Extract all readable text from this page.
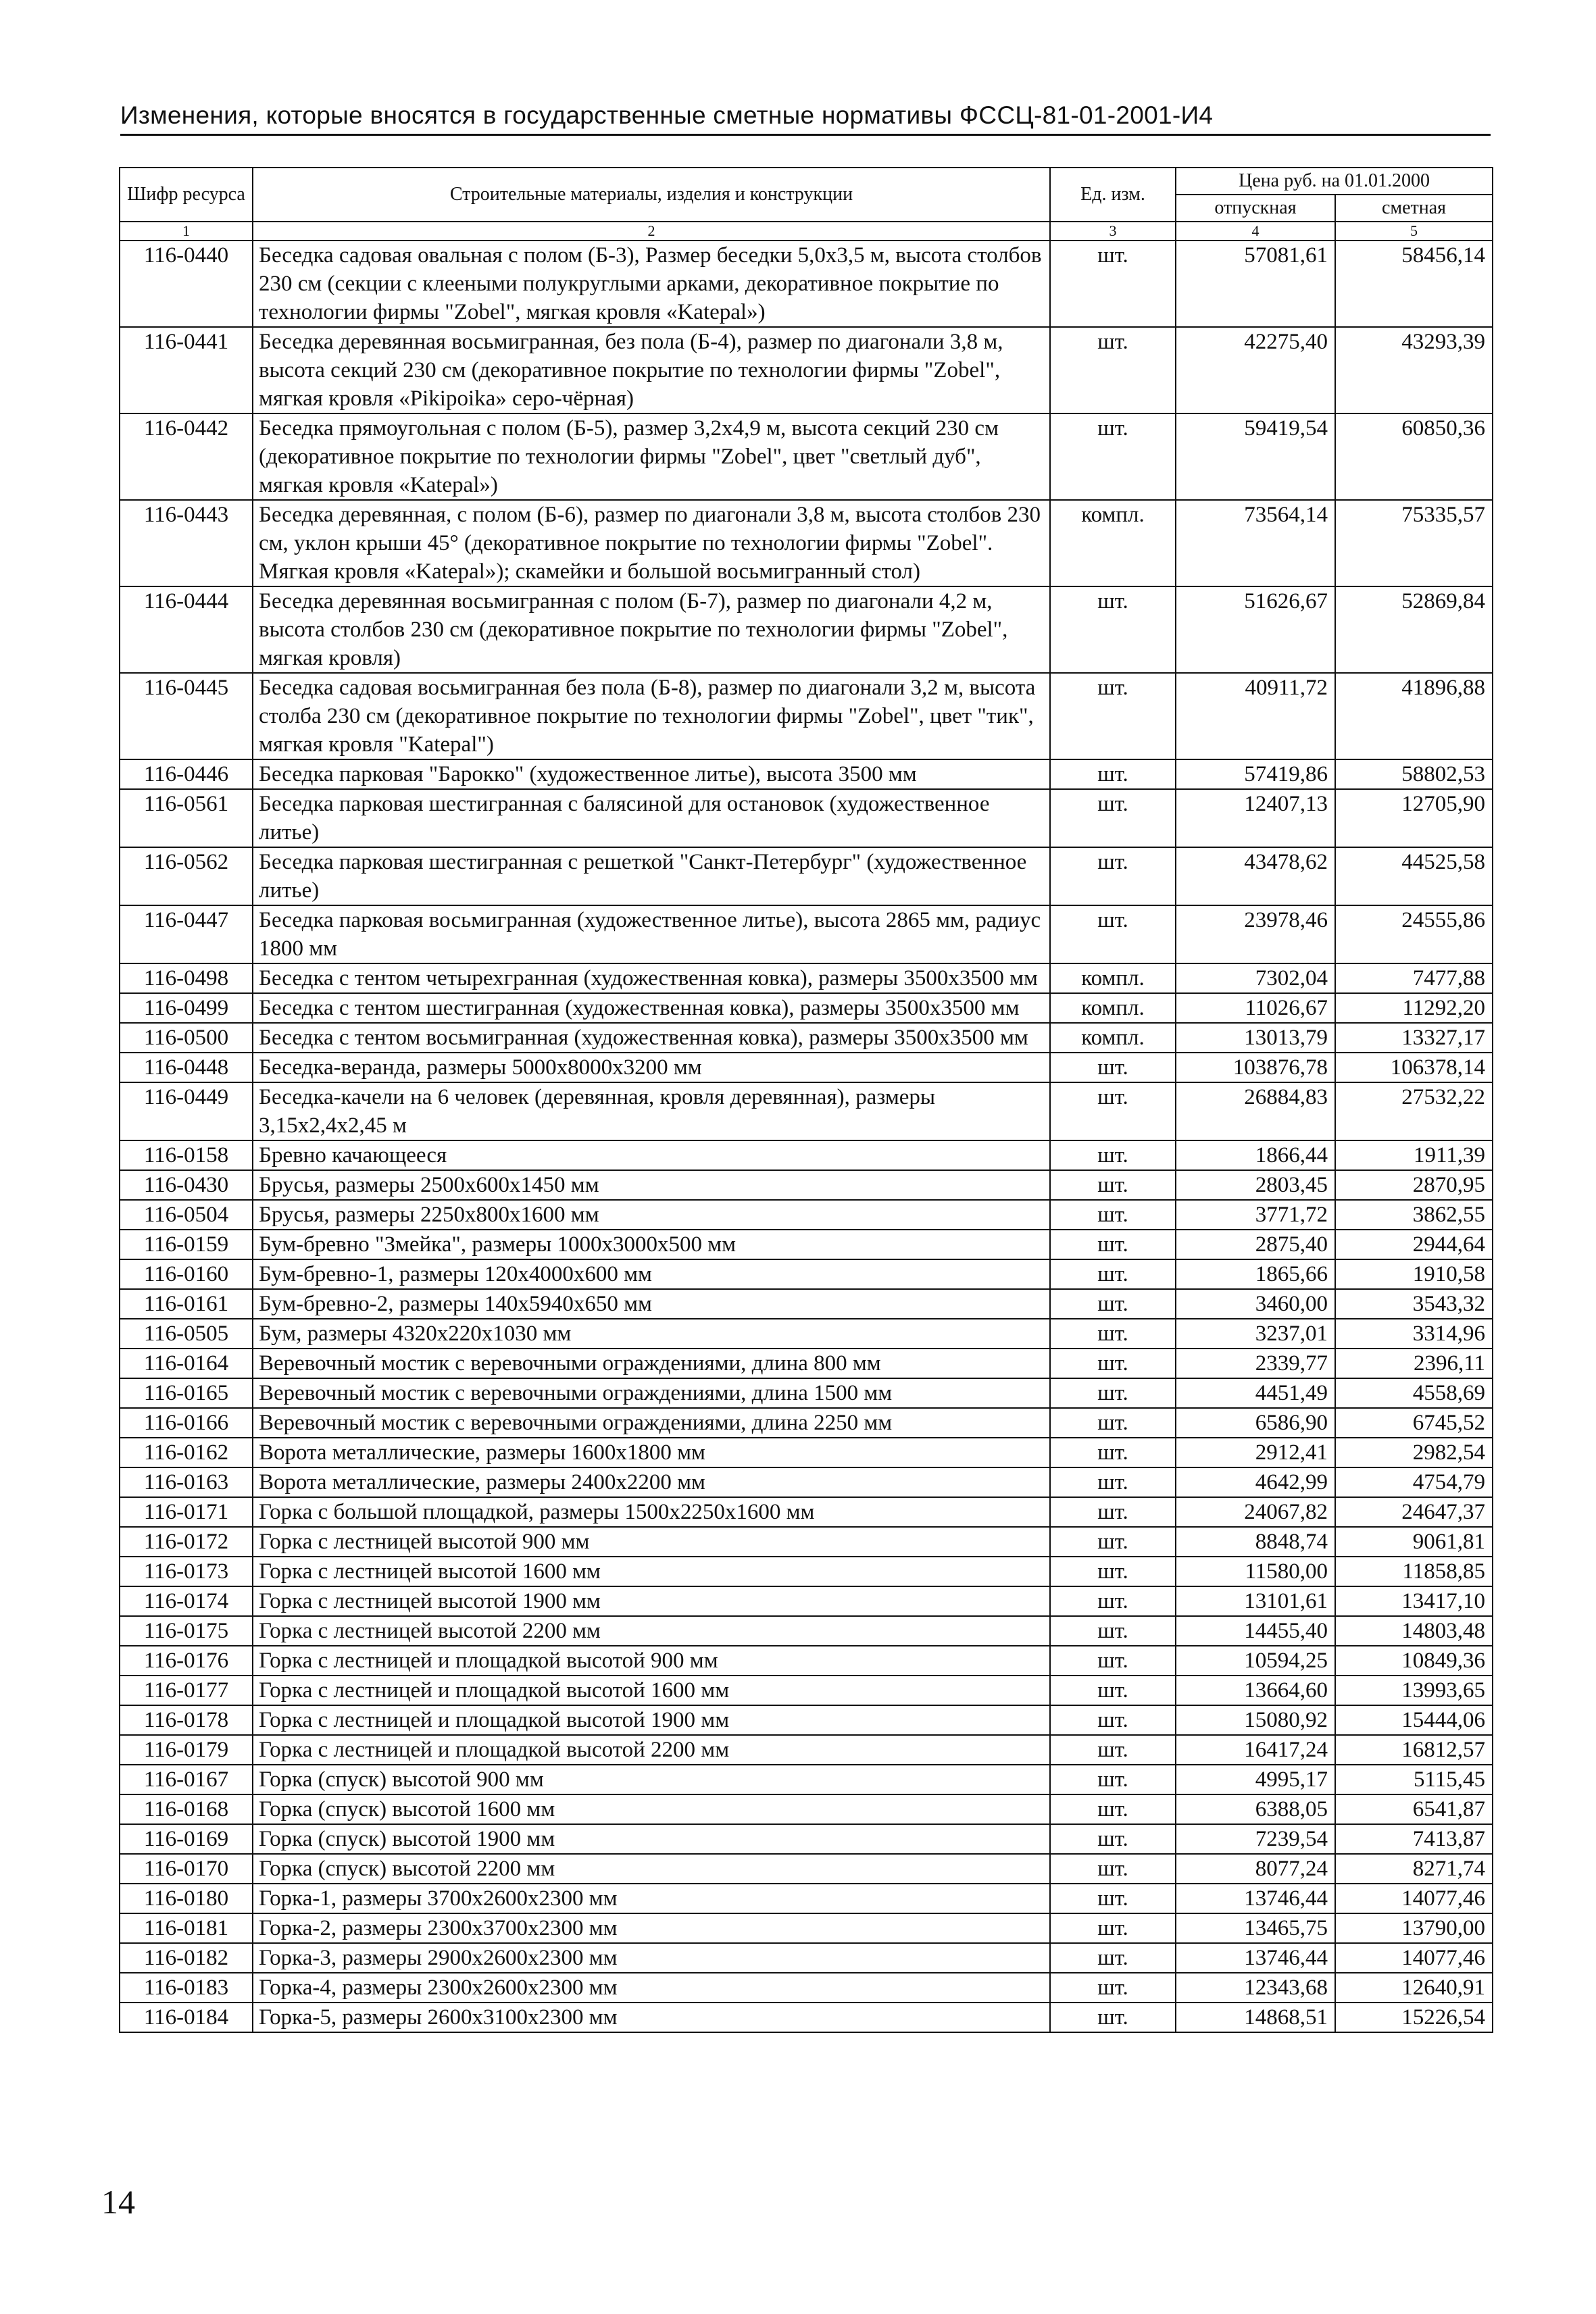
Изменения, которые вносятся в государственные сметные нормативы ФССЦ-81-01-2001-И4
Шифр ресурса	Строительные материалы, изделия и конструкции	Ед. изм.	Цена руб. на 01.01.2000	
			отпускная	сметная
1	2	3	4	5
116-0440	Беседка садовая овальная с полом (Б-3), Размер беседки 5,0х3,5 м, высота столбов 230 см (секции с клееными полукруглыми арками, декоративное покрытие по технологии фирмы "Zobel", мягкая кровля «Katepal»)	шт.	57081,61	58456,14
116-0441	Беседка деревянная восьмигранная, без пола (Б-4), размер по диагонали 3,8 м, высота секций 230 см (декоративное покрытие по технологии фирмы "Zobel", мягкая кровля «Pikipoika» серо-чёрная)	шт.	42275,40	43293,39
116-0442	Беседка прямоугольная с полом (Б-5), размер 3,2х4,9 м, высота секций 230 см (декоративное покрытие по технологии фирмы "Zobel", цвет "светлый дуб", мягкая кровля «Katepal»)	шт.	59419,54	60850,36
116-0443	Беседка деревянная, с полом (Б-6), размер по диагонали 3,8 м, высота столбов 230 см, уклон крыши 45° (декоративное покрытие по технологии фирмы "Zobel". Мягкая кровля «Katepal»); скамейки и большой восьмигранный стол)	компл.	73564,14	75335,57
116-0444	Беседка деревянная восьмигранная с полом (Б-7), размер по диагонали 4,2 м, высота столбов 230 см (декоративное покрытие по технологии фирмы "Zobel", мягкая кровля)	шт.	51626,67	52869,84
116-0445	Беседка садовая восьмигранная без пола (Б-8), размер по диагонали 3,2 м, высота столба 230 см (декоративное покрытие по технологии фирмы "Zobel", цвет "тик", мягкая кровля "Katepal")	шт.	40911,72	41896,88
116-0446	Беседка парковая "Барокко" (художественное литье), высота 3500 мм	шт.	57419,86	58802,53
116-0561	Беседка парковая шестигранная с балясиной для остановок (художественное литье)	шт.	12407,13	12705,90
116-0562	Беседка парковая шестигранная с решеткой "Санкт-Петербург" (художественное литье)	шт.	43478,62	44525,58
116-0447	Беседка парковая восьмигранная (художественное литье), высота 2865 мм, радиус 1800 мм	шт.	23978,46	24555,86
116-0498	Беседка с тентом четырехгранная (художественная ковка), размеры 3500х3500 мм	компл.	7302,04	7477,88
116-0499	Беседка с тентом шестигранная (художественная ковка), размеры 3500х3500 мм	компл.	11026,67	11292,20
116-0500	Беседка с тентом восьмигранная (художественная ковка), размеры 3500х3500 мм	компл.	13013,79	13327,17
116-0448	Беседка-веранда, размеры 5000х8000х3200 мм	шт.	103876,78	106378,14
116-0449	Беседка-качели на 6 человек (деревянная, кровля деревянная), размеры 3,15х2,4х2,45 м	шт.	26884,83	27532,22
116-0158	Бревно качающееся	шт.	1866,44	1911,39
116-0430	Брусья, размеры 2500х600х1450 мм	шт.	2803,45	2870,95
116-0504	Брусья, размеры 2250х800х1600 мм	шт.	3771,72	3862,55
116-0159	Бум-бревно "Змейка", размеры 1000х3000х500 мм	шт.	2875,40	2944,64
116-0160	Бум-бревно-1, размеры 120х4000х600 мм	шт.	1865,66	1910,58
116-0161	Бум-бревно-2, размеры 140х5940х650 мм	шт.	3460,00	3543,32
116-0505	Бум, размеры 4320х220х1030 мм	шт.	3237,01	3314,96
116-0164	Веревочный мостик с веревочными ограждениями, длина 800 мм	шт.	2339,77	2396,11
116-0165	Веревочный мостик с веревочными ограждениями, длина 1500 мм	шт.	4451,49	4558,69
116-0166	Веревочный мостик с веревочными ограждениями, длина 2250 мм	шт.	6586,90	6745,52
116-0162	Ворота металлические, размеры 1600х1800 мм	шт.	2912,41	2982,54
116-0163	Ворота металлические, размеры 2400х2200 мм	шт.	4642,99	4754,79
116-0171	Горка с большой площадкой, размеры 1500х2250х1600 мм	шт.	24067,82	24647,37
116-0172	Горка с лестницей высотой 900 мм	шт.	8848,74	9061,81
116-0173	Горка с лестницей высотой 1600 мм	шт.	11580,00	11858,85
116-0174	Горка с лестницей высотой 1900 мм	шт.	13101,61	13417,10
116-0175	Горка с лестницей высотой 2200 мм	шт.	14455,40	14803,48
116-0176	Горка с лестницей и площадкой высотой 900 мм	шт.	10594,25	10849,36
116-0177	Горка с лестницей и площадкой высотой 1600 мм	шт.	13664,60	13993,65
116-0178	Горка с лестницей и площадкой высотой 1900 мм	шт.	15080,92	15444,06
116-0179	Горка с лестницей и площадкой высотой 2200 мм	шт.	16417,24	16812,57
116-0167	Горка (спуск) высотой 900 мм	шт.	4995,17	5115,45
116-0168	Горка (спуск) высотой 1600 мм	шт.	6388,05	6541,87
116-0169	Горка (спуск) высотой 1900 мм	шт.	7239,54	7413,87
116-0170	Горка (спуск) высотой 2200 мм	шт.	8077,24	8271,74
116-0180	Горка-1, размеры 3700х2600х2300 мм	шт.	13746,44	14077,46
116-0181	Горка-2, размеры 2300х3700х2300 мм	шт.	13465,75	13790,00
116-0182	Горка-3, размеры 2900х2600х2300 мм	шт.	13746,44	14077,46
116-0183	Горка-4, размеры 2300х2600х2300 мм	шт.	12343,68	12640,91
116-0184	Горка-5, размеры 2600х3100х2300 мм	шт.	14868,51	15226,54
14
